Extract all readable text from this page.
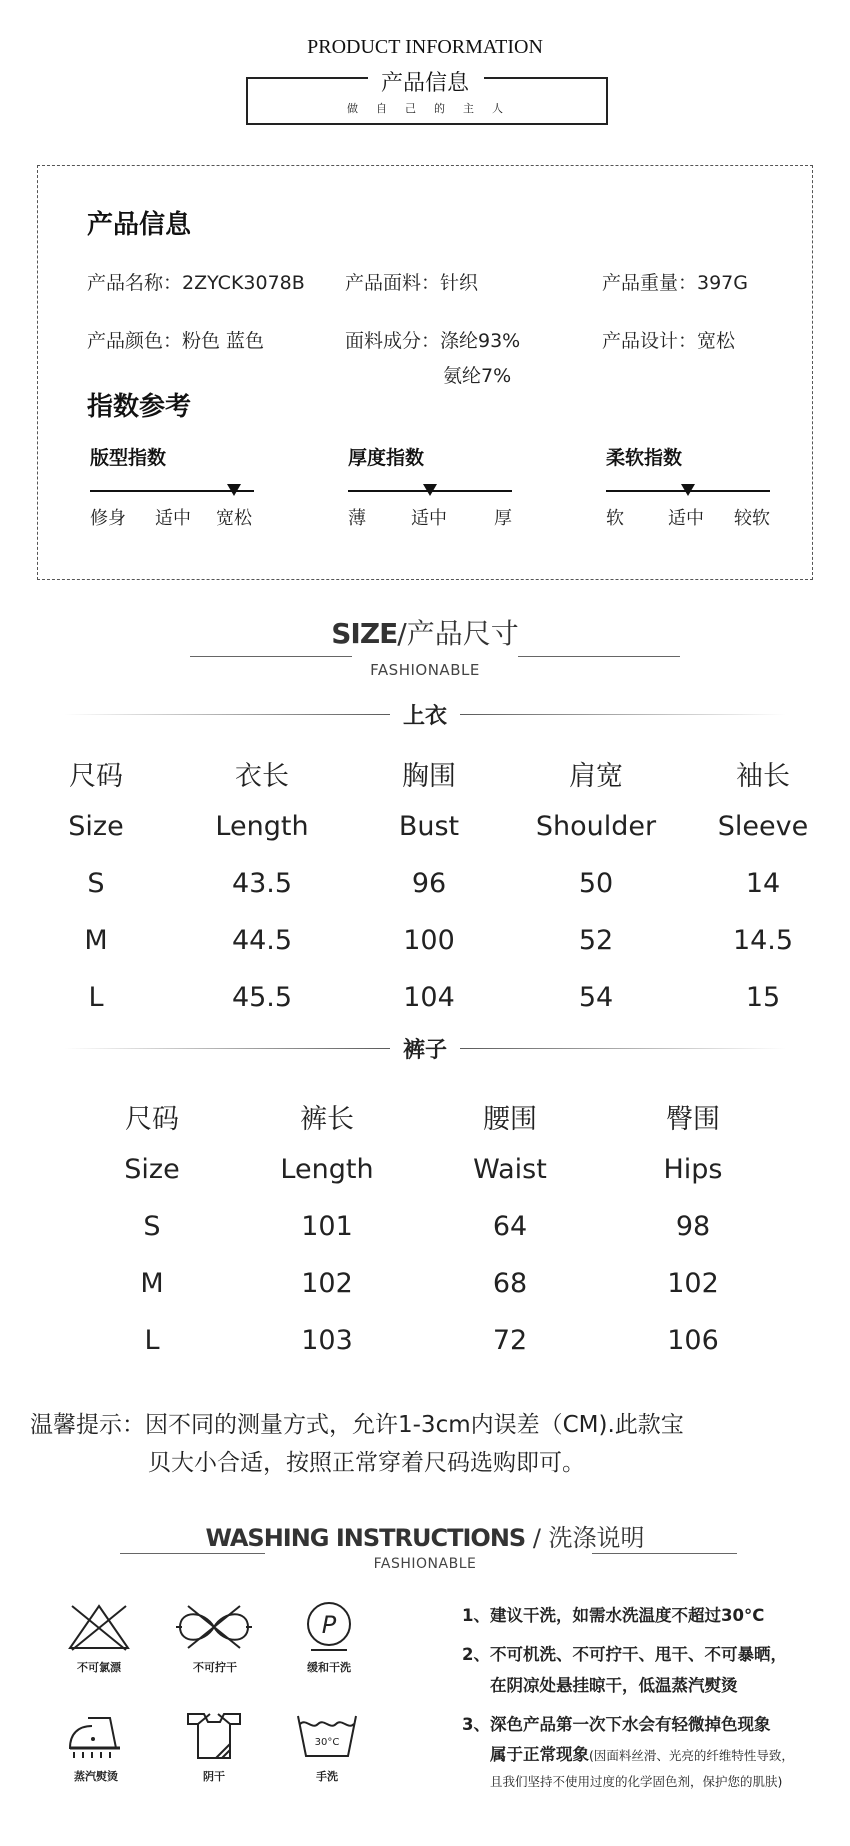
PRODUCT INFORMATION
产品信息
做自己的主人
产品信息
产品名称：2ZYCK3078B 产品面料：针织	产品重量：397G
产品颜色：粉色 蓝色	面料成分：涤纶93%
氨纶7%
产品设计：宽松
指数参考
版型指数
修身 适中 宽松
厚度指数
薄	适中	厚
柔软指数
软 适中 较软
SIZE/产品尺寸
FASHIONABLE
上衣
尺码	衣长	胸围	肩宽	袖长
Size	Length	Bust	Shoulder	Sleeve
S	43.5	96	50	14
M	44.5	100	52	14.5
L	45.5	104	54	15
裤子
尺码	裤长	腰围	臀围
Size	Length	Waist	Hips
S	101	64	98
M	102	68	102
L	103	72	106
温馨提示：因不同的测量方式，允许1-3cm内误差（CM).此款宝
贝大小合适，按照正常穿着尺码选购即可。
WASHING INSTRUCTIONS / 洗涤说明
FASHIONABLE
不可氯漂	不可拧干
P
缓和干洗
蒸汽熨烫	阴干
30°C
手洗
1、建议干洗，如需水洗温度不超过30°C
2、不可机洗、不可拧干、甩干、不可暴晒，
在阴凉处悬挂晾干，低温蒸汽熨烫
3、深色产品第一次下水会有轻微掉色现象
属于正常现象(因面料丝滑、光亮的纤维特性导致，
且我们坚持不使用过度的化学固色剂，保护您的肌肤)
